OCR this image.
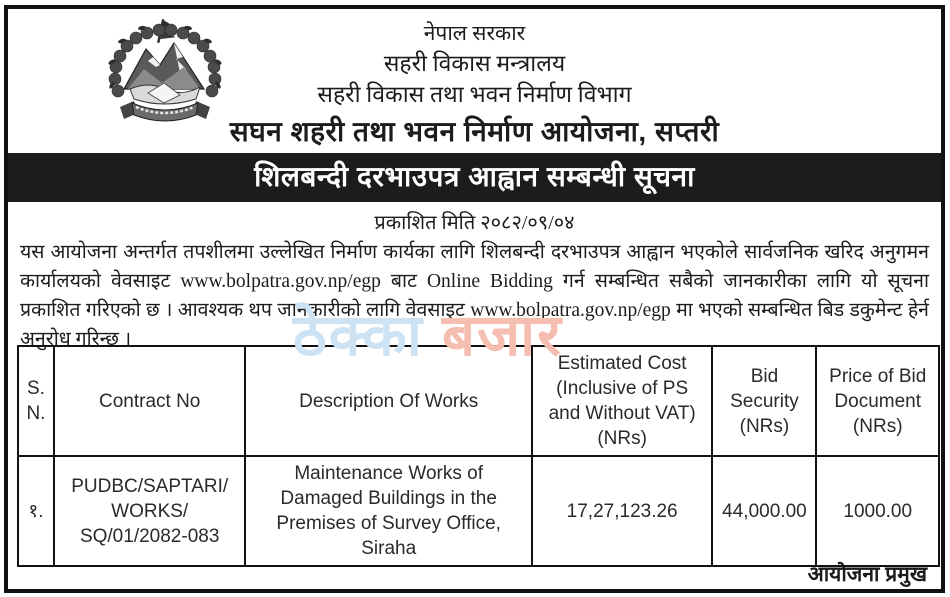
नेपाल सरकार
सहरी विकास मन्त्रालय
सहरी विकास तथा भवन निर्माण विभाग
सघन शहरी तथा भवन निर्माण आयोजना, सप्तरी
शिलबन्दी दरभाउपत्र आह्वान सम्बन्धी सूचना
प्रकाशित मिति २०८२/०९/०४
यस आयोजना अन्तर्गत तपशीलमा उल्लेखित निर्माण कार्यका लागि शिलबन्दी दरभाउपत्र आह्वान भएकोले सार्वजनिक खरिद अनुगमन कार्यालयको वेवसाइट www.bolpatra.gov.np/egp बाट Online Bidding गर्न सम्बन्धित सबैको जानकारीका लागि यो सूचना प्रकाशित गरिएको छ । आवश्यक थप जानकारीको लागि वेवसाइट www.bolpatra.gov.np/egp मा भएको सम्बन्धित बिड डकुमेन्ट हेर्न अनुरोध गरिन्छ ।	ठेक्का बजार
S. N.	Contract No	Description Of Works	Estimated Cost (Inclusive of PS and Without VAT) (NRs)	Bid Security (NRs)	Price of Bid Document (NRs)
१.	PUDBC/SAPTARI/ WORKS/ SQ/01/2082-083	Maintenance Works of Damaged Buildings in the Premises of Survey Office, Siraha	17,27,123.26	44,000.00	1000.00
आयोजना प्रमुख
